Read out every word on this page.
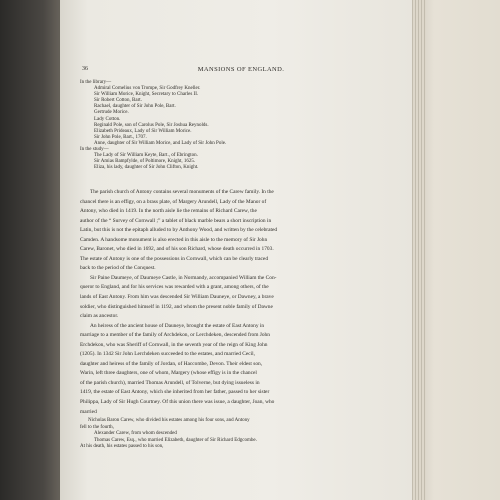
36	MANSIONS OF ENGLAND.
In the library—
Admiral Cornelius von Trompe, Sir Godfrey Kneller.
Sir William Morice, Knight, Secretary to Charles II.
Sir Robert Cotton, Bart.
Rachael, daughter of Sir John Pole, Bart.
Gertrude Morice.
Lady Cotton.
Reginald Pole, son of Carolus Pole, Sir Joshua Reynolds.
Elizabeth Prideaux, Lady of Sir William Morice.
Sir John Pole, Bart., 1707.
Anne, daughter of Sir William Morice, and Lady of Sir John Pole.
In the study—
The Lady of Sir William Keyte, Bart., of Ebrington.
Sir Amias Bampfylde, of Poltimore, Knight, 1625.
Eliza, his lady, daughter of Sir John Clifton, Knight.
The parish church of Antony contains several monuments of the Carew family. In the
chancel there is an effigy, on a brass plate, of Margery Arundell, Lady of the Manor of
Antony, who died in 1419. In the north aisle lie the remains of Richard Carew, the
author of the “ Survey of Cornwall ;” a tablet of black marble bears a short inscription in
Latin, but this is not the epitaph alluded to by Anthony Wood, and written by the celebrated
Camden. A handsome monument is also erected in this aisle to the memory of Sir John
Carew, Baronet, who died in 1692, and of his son Richard, whose death occurred in 1703.
The estate of Antony is one of the possessions in Cornwall, which can be clearly traced
back to the period of the Conquest.
Sir Paine Daumeye, of Daumeye Castle, in Normandy, accompanied William the Con-
queror to England, and for his services was rewarded with a grant, among others, of the
lands of East Antony. From him was descended Sir William Dauneye, or Dawney, a brave
soldier, who distinguished himself in 1192, and whom the present noble family of Dawne
claim as ancestor.
An heiress of the ancient house of Dauneye, brought the estate of East Antony in
marriage to a member of the family of Archdekon, or Lerchdeken, descended from John
Erchdekon, who was Sheriff of Cornwall, in the seventh year of the reign of King John
(1205). In 1342 Sir John Lerchdeken succeeded to the estates, and married Cecil,
daughter and heiress of the family of Jordan, of Haccombe, Devon. Their eldest son,
Warin, left three daughters, one of whom, Margery (whose effigy is in the chancel
of the parish church), married Thomas Arundell, of Tolverne, but dying issueless in
1419, the estate of East Antony, which she inherited from her father, passed to her sister
Philippa, Lady of Sir Hugh Courtney. Of this union there was issue, a daughter, Joan, who
married
Nicholas Baron Carew, who divided his estates among his four sons, and Antony
fell to the fourth,
Alexander Carew, from whom descended
Thomas Carew, Esq., who married Elizabeth, daughter of Sir Richard Edgcombe.
At his death, his estates passed to his son,
